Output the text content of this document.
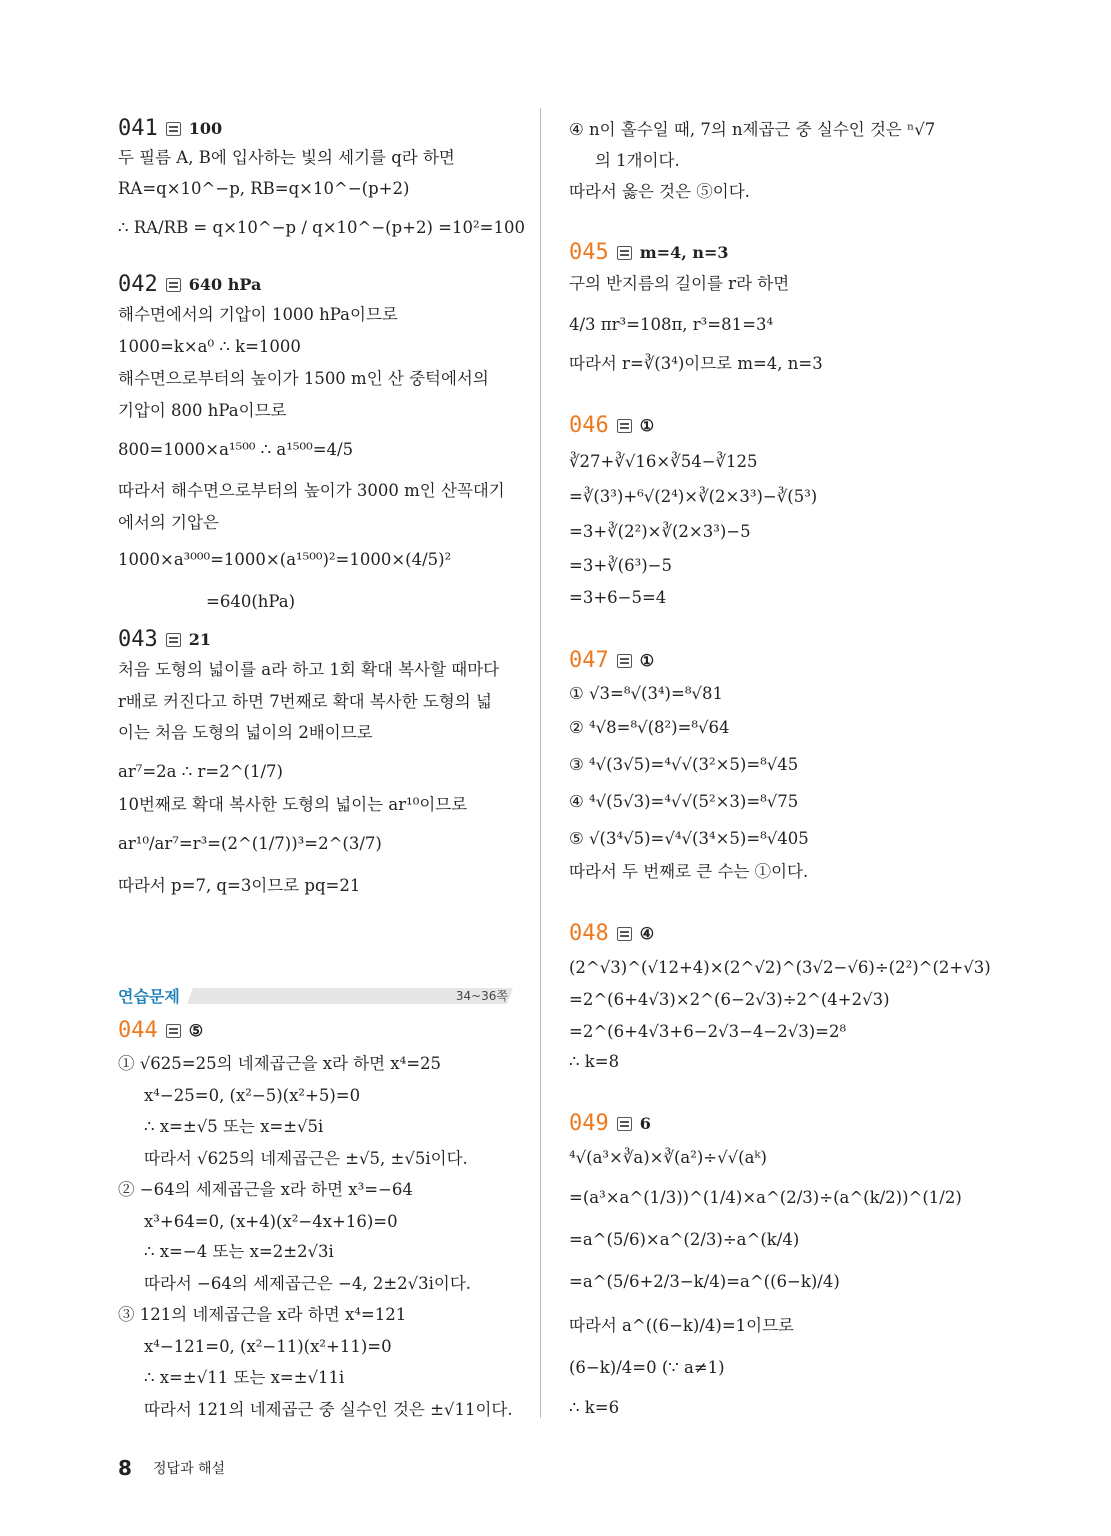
041 100
두 필름 A, B에 입사하는 빛의 세기를 q라 하면
RA=q×10^−p, RB=q×10^−(p+2)
∴ RA/RB = q×10^−p / q×10^−(p+2) =10²=100
042 640 hPa
해수면에서의 기압이 1000 hPa이므로
1000=k×a⁰ ∴ k=1000
해수면으로부터의 높이가 1500 m인 산 중턱에서의
기압이 800 hPa이므로
800=1000×a¹⁵⁰⁰ ∴ a¹⁵⁰⁰=4/5
따라서 해수면으로부터의 높이가 3000 m인 산꼭대기
에서의 기압은
1000×a³⁰⁰⁰=1000×(a¹⁵⁰⁰)²=1000×(4/5)²
=640(hPa)
043 21
처음 도형의 넓이를 a라 하고 1회 확대 복사할 때마다
r배로 커진다고 하면 7번째로 확대 복사한 도형의 넓
이는 처음 도형의 넓이의 2배이므로
ar⁷=2a ∴ r=2^(1/7)
10번째로 확대 복사한 도형의 넓이는 ar¹⁰이므로
ar¹⁰/ar⁷=r³=(2^(1/7))³=2^(3/7)
따라서 p=7, q=3이므로 pq=21
연습문제	34~36쪽
044 ⑤
① √625=25의 네제곱근을 x라 하면 x⁴=25
x⁴−25=0, (x²−5)(x²+5)=0
∴ x=±√5 또는 x=±√5i
따라서 √625의 네제곱근은 ±√5, ±√5i이다.
② −64의 세제곱근을 x라 하면 x³=−64
x³+64=0, (x+4)(x²−4x+16)=0
∴ x=−4 또는 x=2±2√3i
따라서 −64의 세제곱근은 −4, 2±2√3i이다.
③ 121의 네제곱근을 x라 하면 x⁴=121
x⁴−121=0, (x²−11)(x²+11)=0
∴ x=±√11 또는 x=±√11i
따라서 121의 네제곱근 중 실수인 것은 ±√11이다.
④ n이 홀수일 때, 7의 n제곱근 중 실수인 것은 ⁿ√7
의 1개이다.
따라서 옳은 것은 ⑤이다.
045 m=4, n=3
구의 반지름의 길이를 r라 하면
4/3 πr³=108π, r³=81=3⁴
따라서 r=∛(3⁴)이므로 m=4, n=3
046 ①
∛27+∛√16×∛54−∛125
=∛(3³)+⁶√(2⁴)×∛(2×3³)−∛(5³)
=3+∛(2²)×∛(2×3³)−5
=3+∛(6³)−5
=3+6−5=4
047 ①
① √3=⁸√(3⁴)=⁸√81
② ⁴√8=⁸√(8²)=⁸√64
③ ⁴√(3√5)=⁴√√(3²×5)=⁸√45
④ ⁴√(5√3)=⁴√√(5²×3)=⁸√75
⑤ √(3⁴√5)=√⁴√(3⁴×5)=⁸√405
따라서 두 번째로 큰 수는 ①이다.
048 ④
(2^√3)^(√12+4)×(2^√2)^(3√2−√6)÷(2²)^(2+√3)
=2^(6+4√3)×2^(6−2√3)÷2^(4+2√3)
=2^(6+4√3+6−2√3−4−2√3)=2⁸
∴ k=8
049 6
⁴√(a³×∛a)×∛(a²)÷√√(aᵏ)
=(a³×a^(1/3))^(1/4)×a^(2/3)÷(a^(k/2))^(1/2)
=a^(5/6)×a^(2/3)÷a^(k/4)
=a^(5/6+2/3−k/4)=a^((6−k)/4)
따라서 a^((6−k)/4)=1이므로
(6−k)/4=0 (∵ a≠1)
∴ k=6
8 정답과 해설
